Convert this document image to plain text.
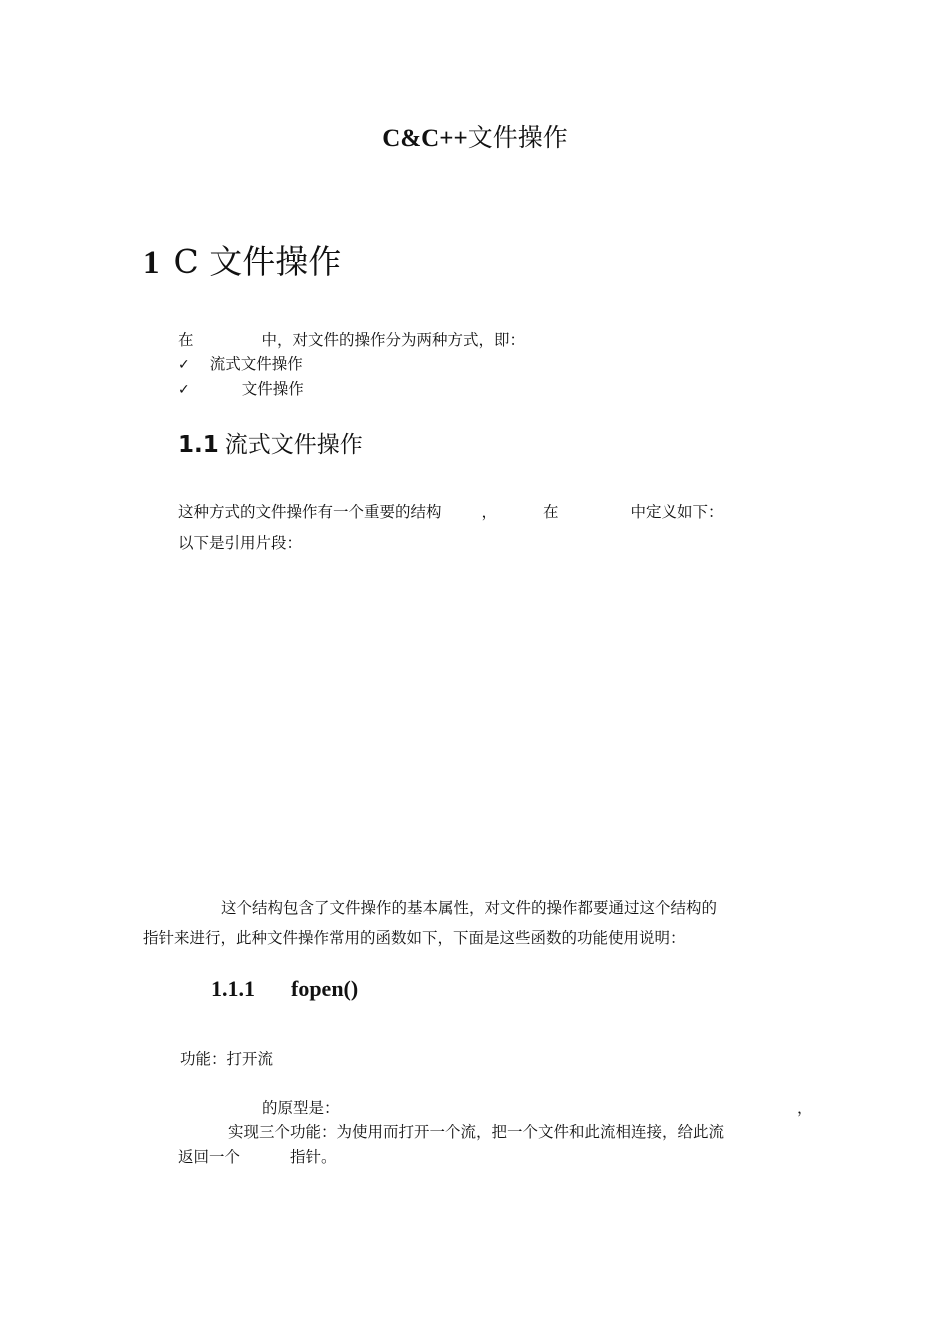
C&C++文件操作
1 C 文件操作
在	中，对文件的操作分为两种方式，即：
✓ 流式文件操作
✓	文件操作
1.1 流式文件操作
这种方式的文件操作有一个重要的结构	，	在	中定义如下：
以下是引用片段：
这个结构包含了文件操作的基本属性，对文件的操作都要通过这个结构的
指针来进行，此种文件操作常用的函数如下，下面是这些函数的功能使用说明：
1.1.1 fopen()
功能：打开流
的原型是：	，
实现三个功能：为使用而打开一个流，把一个文件和此流相连接，给此流
返回一个	指针。
